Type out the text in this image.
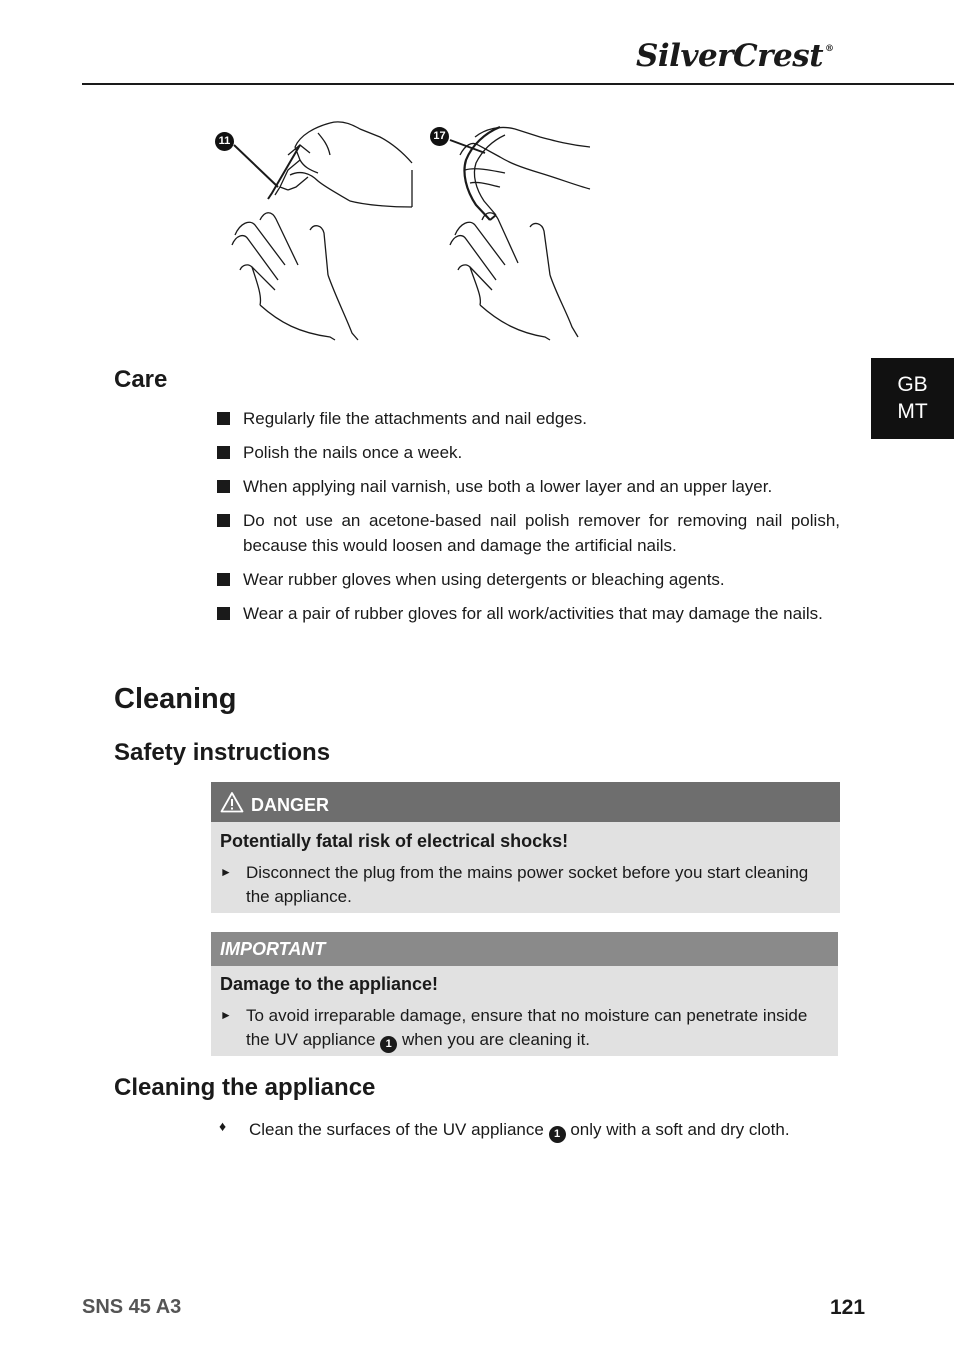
SilverCrest ®
GB
MT
11	17
Care
Regularly file the attachments and nail edges.
Polish the nails once a week.
When applying nail varnish, use both a lower layer and an upper layer.
Do not use an acetone-based nail polish remover for removing nail polish, because this would loosen and damage the artificial nails.
Wear rubber gloves when using detergents or bleaching agents.
Wear a pair of rubber gloves for all work/activities that may damage the nails.
Cleaning
Safety instructions
DANGER
Potentially fatal risk of electrical shocks!
► Disconnect the plug from the mains power socket before you start cleaning the appliance.
IMPORTANT
Damage to the appliance!
► To avoid irreparable damage, ensure that no moisture can penetrate inside the UV appliance 1 when you are cleaning it.
Cleaning the appliance
♦ Clean the surfaces of the UV appliance 1 only with a soft and dry cloth.
SNS 45 A3	121
